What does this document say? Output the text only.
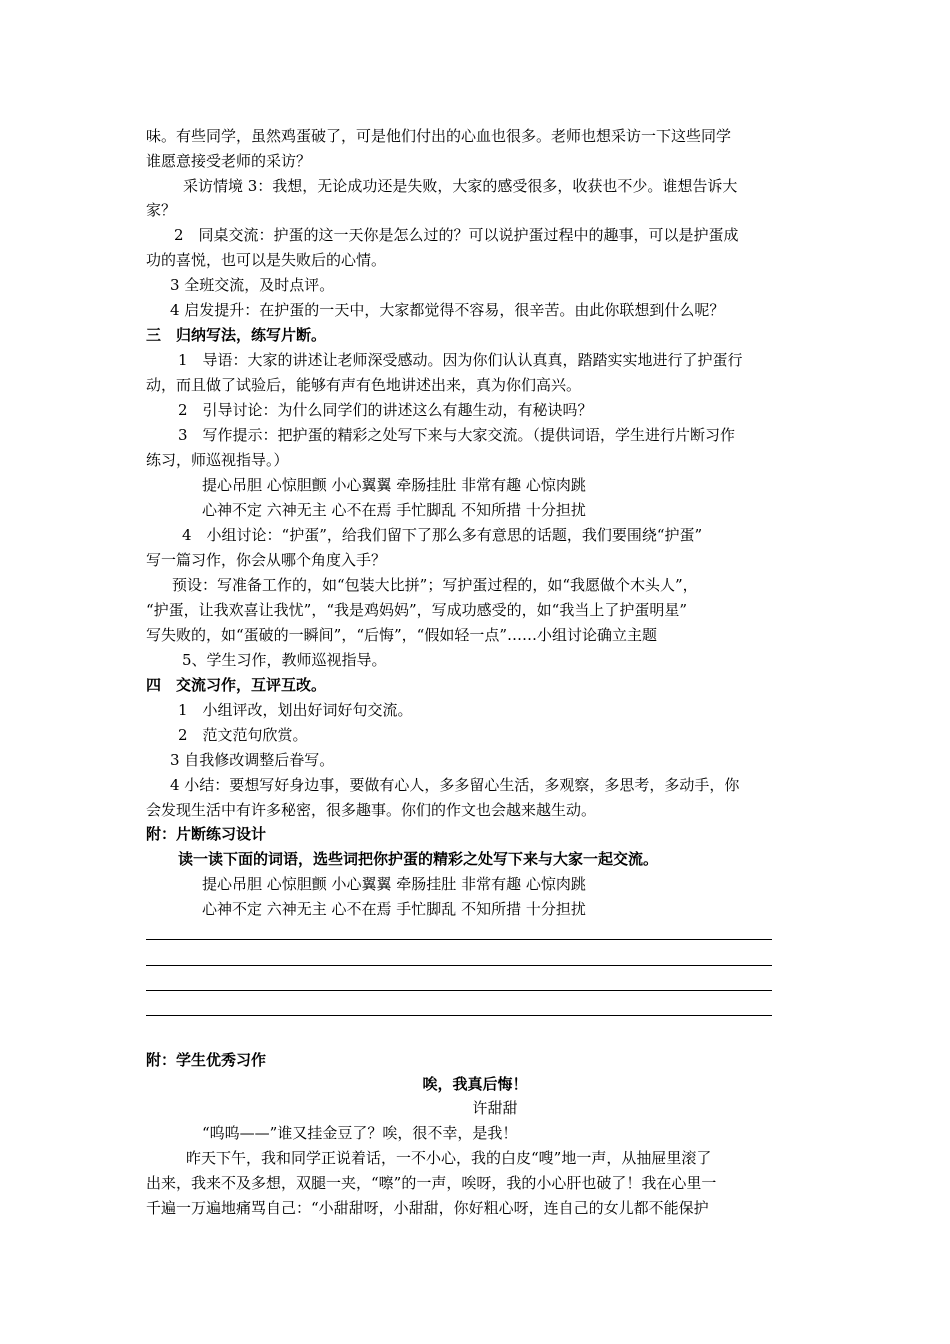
味。有些同学，虽然鸡蛋破了，可是他们付出的心血也很多。老师也想采访一下这些同学
谁愿意接受老师的采访？
采访情境 3：我想，无论成功还是失败，大家的感受很多，收获也不少。谁想告诉大
家？
2　同桌交流：护蛋的这一天你是怎么过的？可以说护蛋过程中的趣事，可以是护蛋成
功的喜悦，也可以是失败后的心情。
3 全班交流，及时点评。
4 启发提升：在护蛋的一天中，大家都觉得不容易，很辛苦。由此你联想到什么呢？
三　归纳写法，练写片断。
1　导语：大家的讲述让老师深受感动。因为你们认认真真，踏踏实实地进行了护蛋行
动，而且做了试验后，能够有声有色地讲述出来，真为你们高兴。
2　引导讨论：为什么同学们的讲述这么有趣生动，有秘诀吗？
3　写作提示：把护蛋的精彩之处写下来与大家交流。（提供词语，学生进行片断习作
练习，师巡视指导。）
提心吊胆 心惊胆颤 小心翼翼 牵肠挂肚 非常有趣 心惊肉跳
心神不定 六神无主 心不在焉 手忙脚乱 不知所措 十分担扰
4　小组讨论：“护蛋”，给我们留下了那么多有意思的话题，我们要围绕“护蛋”
写一篇习作，你会从哪个角度入手？
预设：写准备工作的，如“包装大比拼”；写护蛋过程的，如“我愿做个木头人”，
“护蛋，让我欢喜让我忧”，“我是鸡妈妈”，写成功感受的，如“我当上了护蛋明星”
写失败的，如“蛋破的一瞬间”，“后悔”，“假如轻一点”……小组讨论确立主题
5、学生习作，教师巡视指导。
四　交流习作，互评互改。
1　小组评改，划出好词好句交流。
2　范文范句欣赏。
3 自我修改调整后眷写。
4 小结：要想写好身边事，要做有心人，多多留心生活，多观察，多思考，多动手，你
会发现生活中有许多秘密，很多趣事。你们的作文也会越来越生动。
附：片断练习设计
读一读下面的词语，选些词把你护蛋的精彩之处写下来与大家一起交流。
提心吊胆 心惊胆颤 小心翼翼 牵肠挂肚 非常有趣 心惊肉跳
心神不定 六神无主 心不在焉 手忙脚乱 不知所措 十分担扰
附：学生优秀习作
唉，我真后悔！
许甜甜
“呜呜——”谁又挂金豆了？唉，很不幸，是我！
昨天下午，我和同学正说着话，一不小心，我的白皮“嗖”地一声，从抽屉里滚了
出来，我来不及多想，双腿一夹，“嚓”的一声，唉呀，我的小心肝也破了！我在心里一
千遍一万遍地痛骂自己：“小甜甜呀，小甜甜，你好粗心呀，连自己的女儿都不能保护
